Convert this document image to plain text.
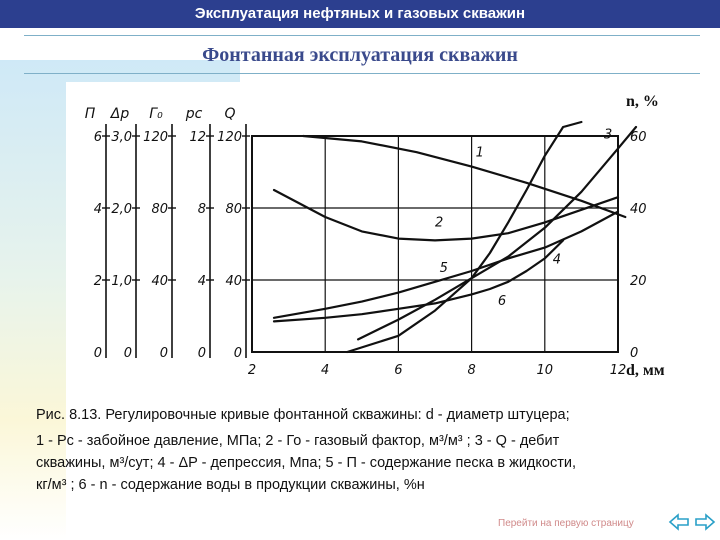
Эксплуатация нефтяных и газовых скважин
Фонтанная эксплуатация скважин
2	4	6	8	10	12 d, мм
П
6
4
2
0
Δp
3,0
2,0
1,0
0
Γ₀
120
80
40
0
pc
12
8
4
0
Q
120
80
40
0
n, %
60
40
20
0
1
2
3
4
5
6
Рис. 8.13. Регулировочные кривые фонтанной скважины: d - диаметр штуцера;
1 - Pc - забойное давление, МПа; 2 - Го - газовый фактор, м³/м³ ; 3 - Q - дебит
скважины, м³/сут; 4 - ΔP - депрессия, Мпа; 5 - П - содержание песка в жидкости,
кг/м³ ; 6 - n - содержание воды в продукции скважины, %н
Перейти на первую страницу
